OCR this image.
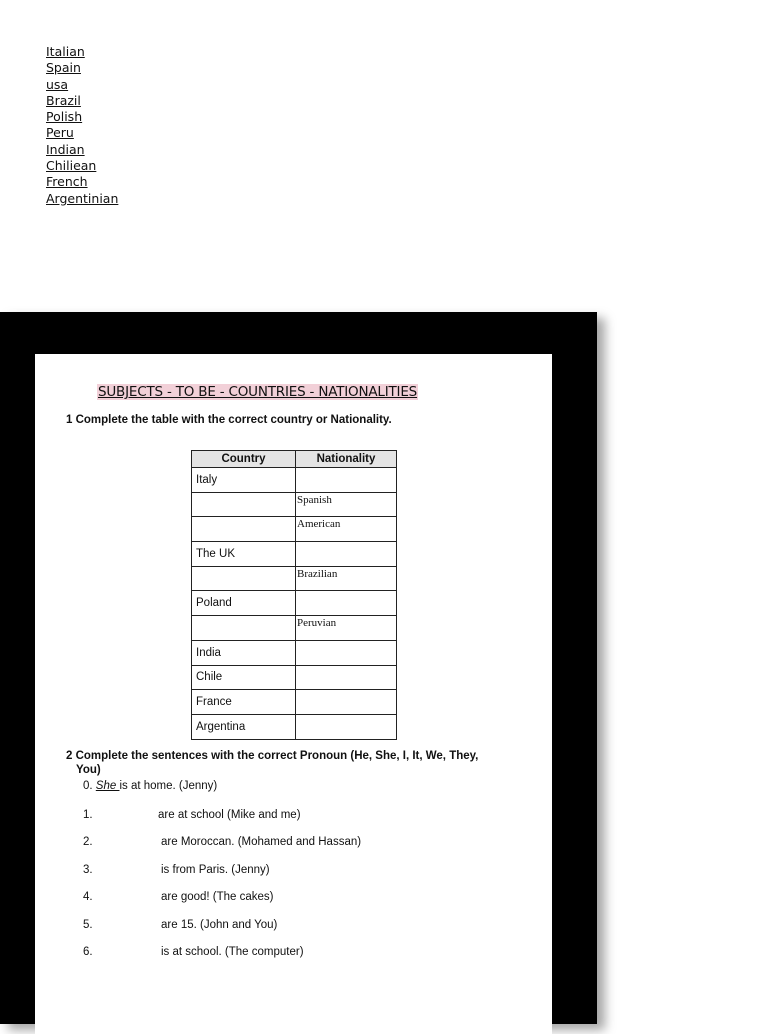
Italian
Spain
usa
Brazil
Polish
Peru
Indian
Chiliean
French
Argentinian
SUBJECTS - TO BE - COUNTRIES - NATIONALITIES
1 Complete the table with the correct country or Nationality.
Country	Nationality
Italy	
	Spanish
	American
The UK	
	Brazilian
Poland	
	Peruvian
India	
Chile	
France	
Argentina	
2 Complete the sentences with the correct Pronoun (He, She, I, It, We, They,
You)
0. She is at home. (Jenny)
1.	are at school (Mike and me)
2.	are Moroccan. (Mohamed and Hassan)
3.	is from Paris. (Jenny)
4.	are good! (The cakes)
5.	are 15. (John and You)
6.	is at school. (The computer)
